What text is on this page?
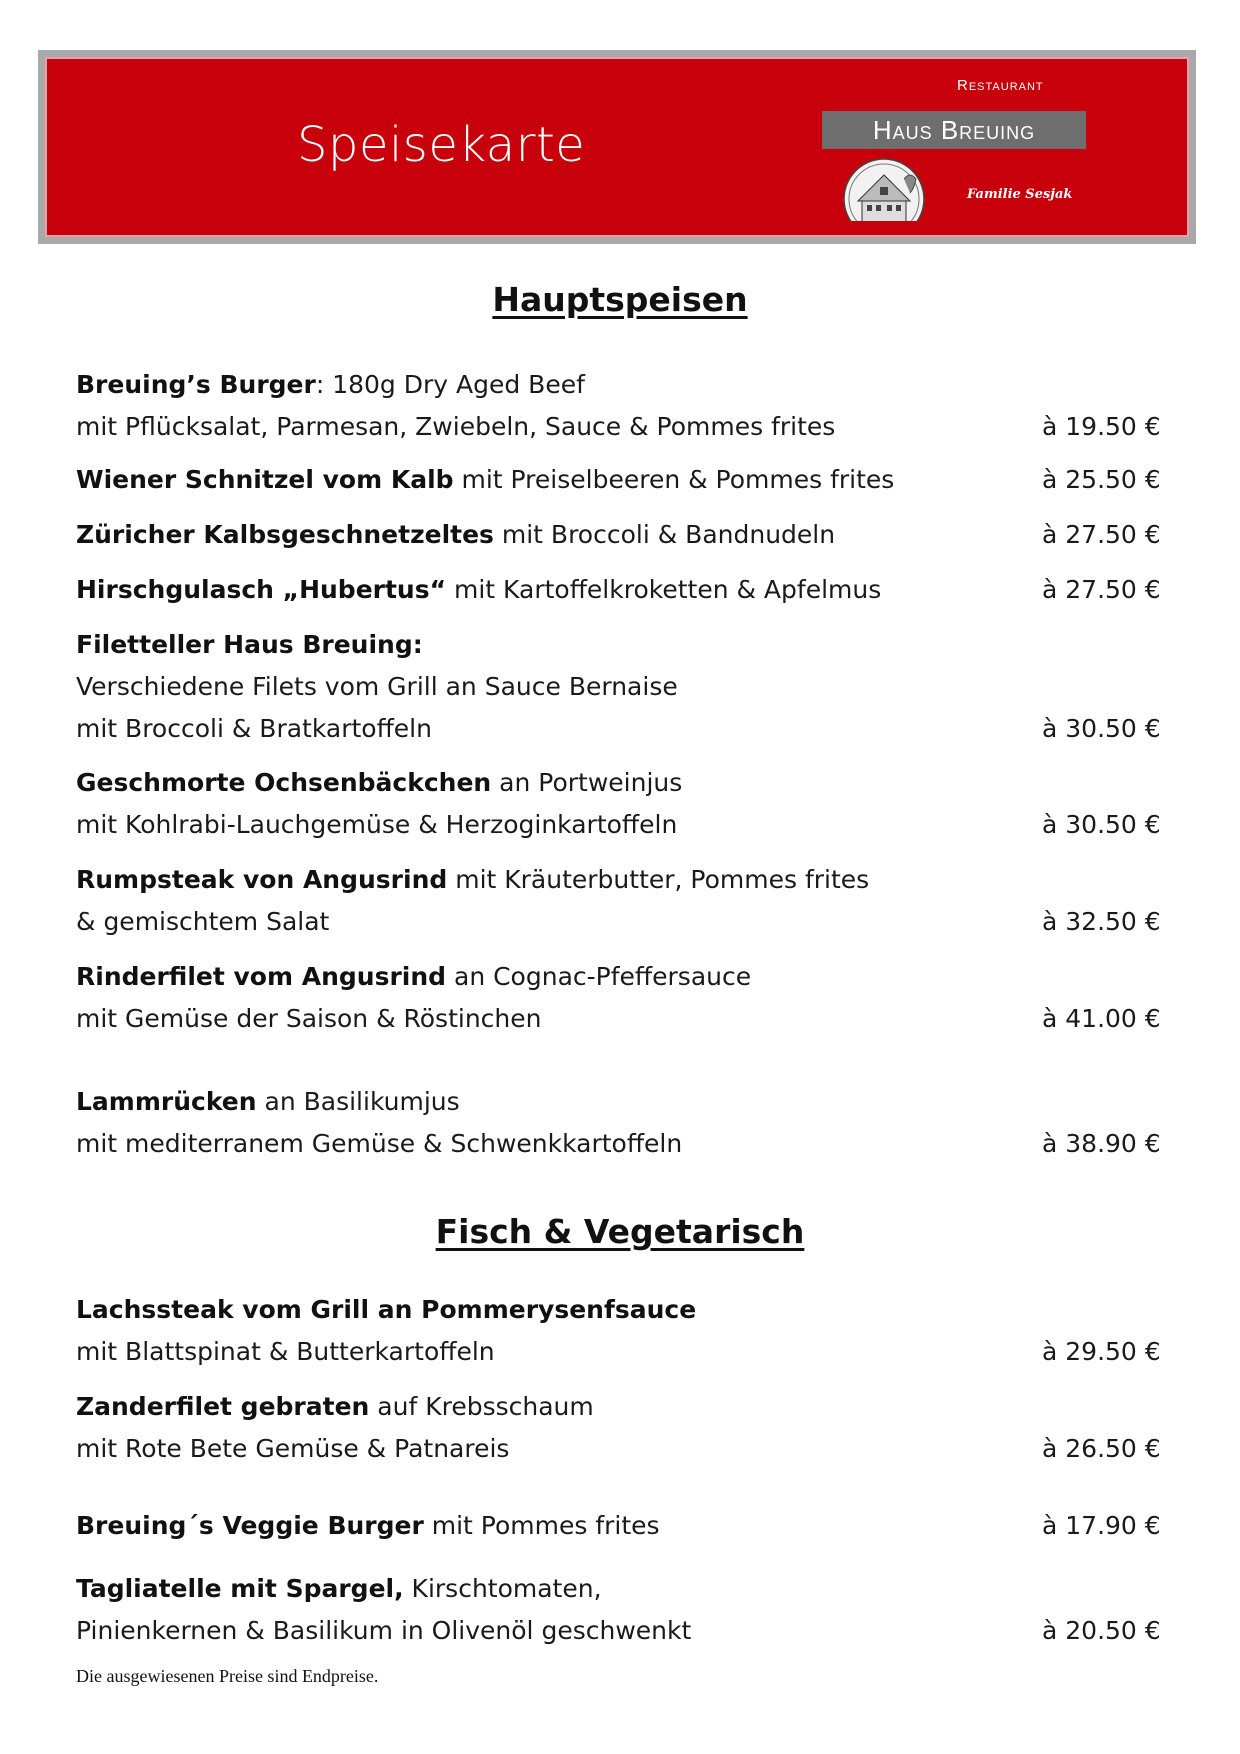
Speisekarte
Restaurant
Haus Breuing
Familie Sesjak
Hauptspeisen
Breuing’s Burger: 180g Dry Aged Beef
mit Pflücksalat, Parmesan, Zwiebeln, Sauce & Pommes frites	à 19.50 €
Wiener Schnitzel vom Kalb mit Preiselbeeren & Pommes frites	à 25.50 €
Züricher Kalbsgeschnetzeltes mit Broccoli & Bandnudeln	à 27.50 €
Hirschgulasch „Hubertus“ mit Kartoffelkroketten & Apfelmus	à 27.50 €
Filetteller Haus Breuing:
Verschiedene Filets vom Grill an Sauce Bernaise
mit Broccoli & Bratkartoffeln	à 30.50 €
Geschmorte Ochsenbäckchen an Portweinjus
mit Kohlrabi-Lauchgemüse & Herzoginkartoffeln	à 30.50 €
Rumpsteak von Angusrind mit Kräuterbutter, Pommes frites
& gemischtem Salat	à 32.50 €
Rinderfilet vom Angusrind an Cognac-Pfeffersauce
mit Gemüse der Saison & Röstinchen	à 41.00 €
Lammrücken an Basilikumjus
mit mediterranem Gemüse & Schwenkkartoffeln	à 38.90 €
Fisch & Vegetarisch
Lachssteak vom Grill an Pommerysenfsauce
mit Blattspinat & Butterkartoffeln	à 29.50 €
Zanderfilet gebraten auf Krebsschaum
mit Rote Bete Gemüse & Patnareis	à 26.50 €
Breuing´s Veggie Burger mit Pommes frites	à 17.90 €
Tagliatelle mit Spargel, Kirschtomaten,
Pinienkernen & Basilikum in Olivenöl geschwenkt	à 20.50 €
Die ausgewiesenen Preise sind Endpreise.
